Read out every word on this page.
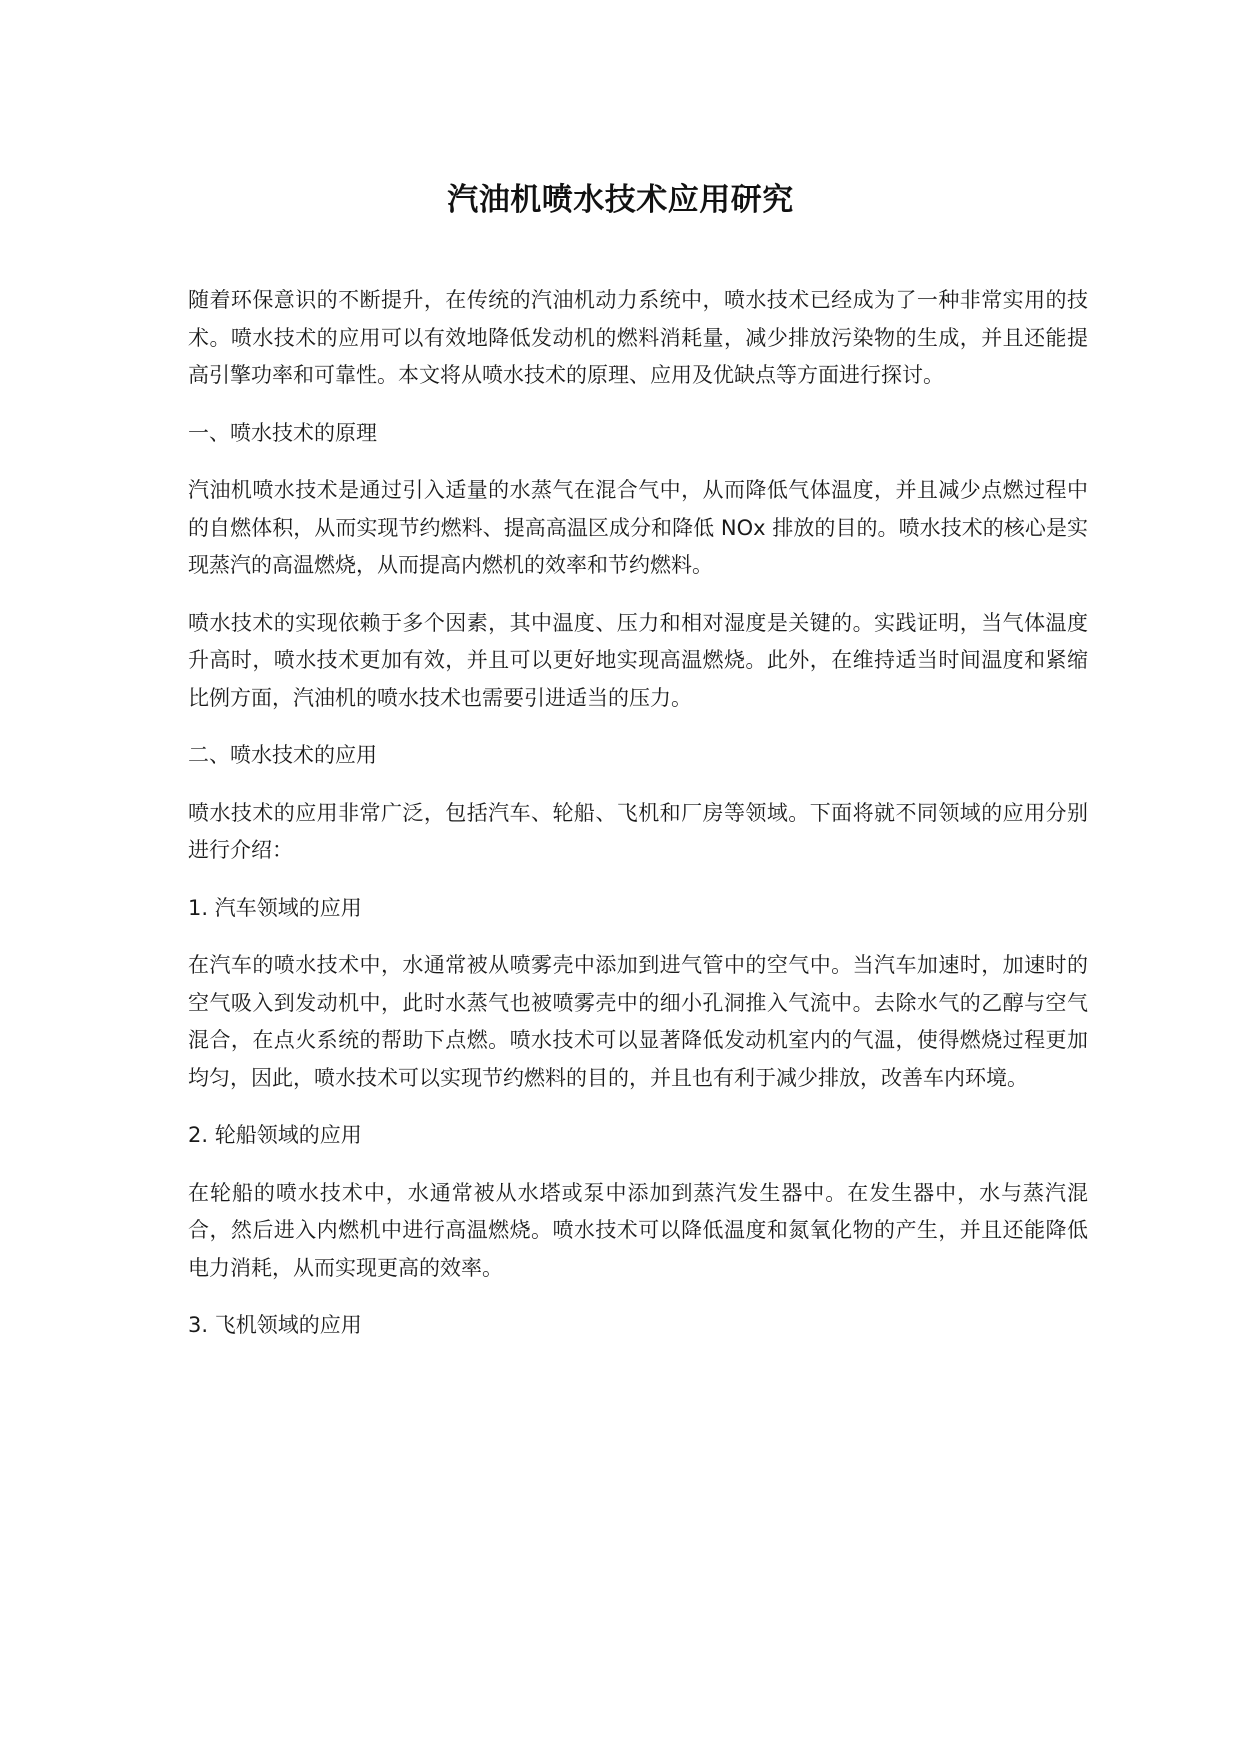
汽油机喷水技术应用研究

随着环保意识的不断提升，在传统的汽油机动力系统中，喷水技术已经成为了一种非常实用的技术。喷水技术的应用可以有效地降低发动机的燃料消耗量，减少排放污染物的生成，并且还能提高引擎功率和可靠性。本文将从喷水技术的原理、应用及优缺点等方面进行探讨。

一、喷水技术的原理

汽油机喷水技术是通过引入适量的水蒸气在混合气中，从而降低气体温度，并且减少点燃过程中的自燃体积，从而实现节约燃料、提高高温区成分和降低 NOx 排放的目的。喷水技术的核心是实现蒸汽的高温燃烧，从而提高内燃机的效率和节约燃料。

喷水技术的实现依赖于多个因素，其中温度、压力和相对湿度是关键的。实践证明，当气体温度升高时，喷水技术更加有效，并且可以更好地实现高温燃烧。此外，在维持适当时间温度和紧缩比例方面，汽油机的喷水技术也需要引进适当的压力。

二、喷水技术的应用

喷水技术的应用非常广泛，包括汽车、轮船、飞机和厂房等领域。下面将就不同领域的应用分别进行介绍：

1. 汽车领域的应用

在汽车的喷水技术中，水通常被从喷雾壳中添加到进气管中的空气中。当汽车加速时，加速时的空气吸入到发动机中，此时水蒸气也被喷雾壳中的细小孔洞推入气流中。去除水气的乙醇与空气混合，在点火系统的帮助下点燃。喷水技术可以显著降低发动机室内的气温，使得燃烧过程更加均匀，因此，喷水技术可以实现节约燃料的目的，并且也有利于减少排放，改善车内环境。

2. 轮船领域的应用

在轮船的喷水技术中，水通常被从水塔或泵中添加到蒸汽发生器中。在发生器中，水与蒸汽混合，然后进入内燃机中进行高温燃烧。喷水技术可以降低温度和氮氧化物的产生，并且还能降低电力消耗，从而实现更高的效率。

3. 飞机领域的应用
